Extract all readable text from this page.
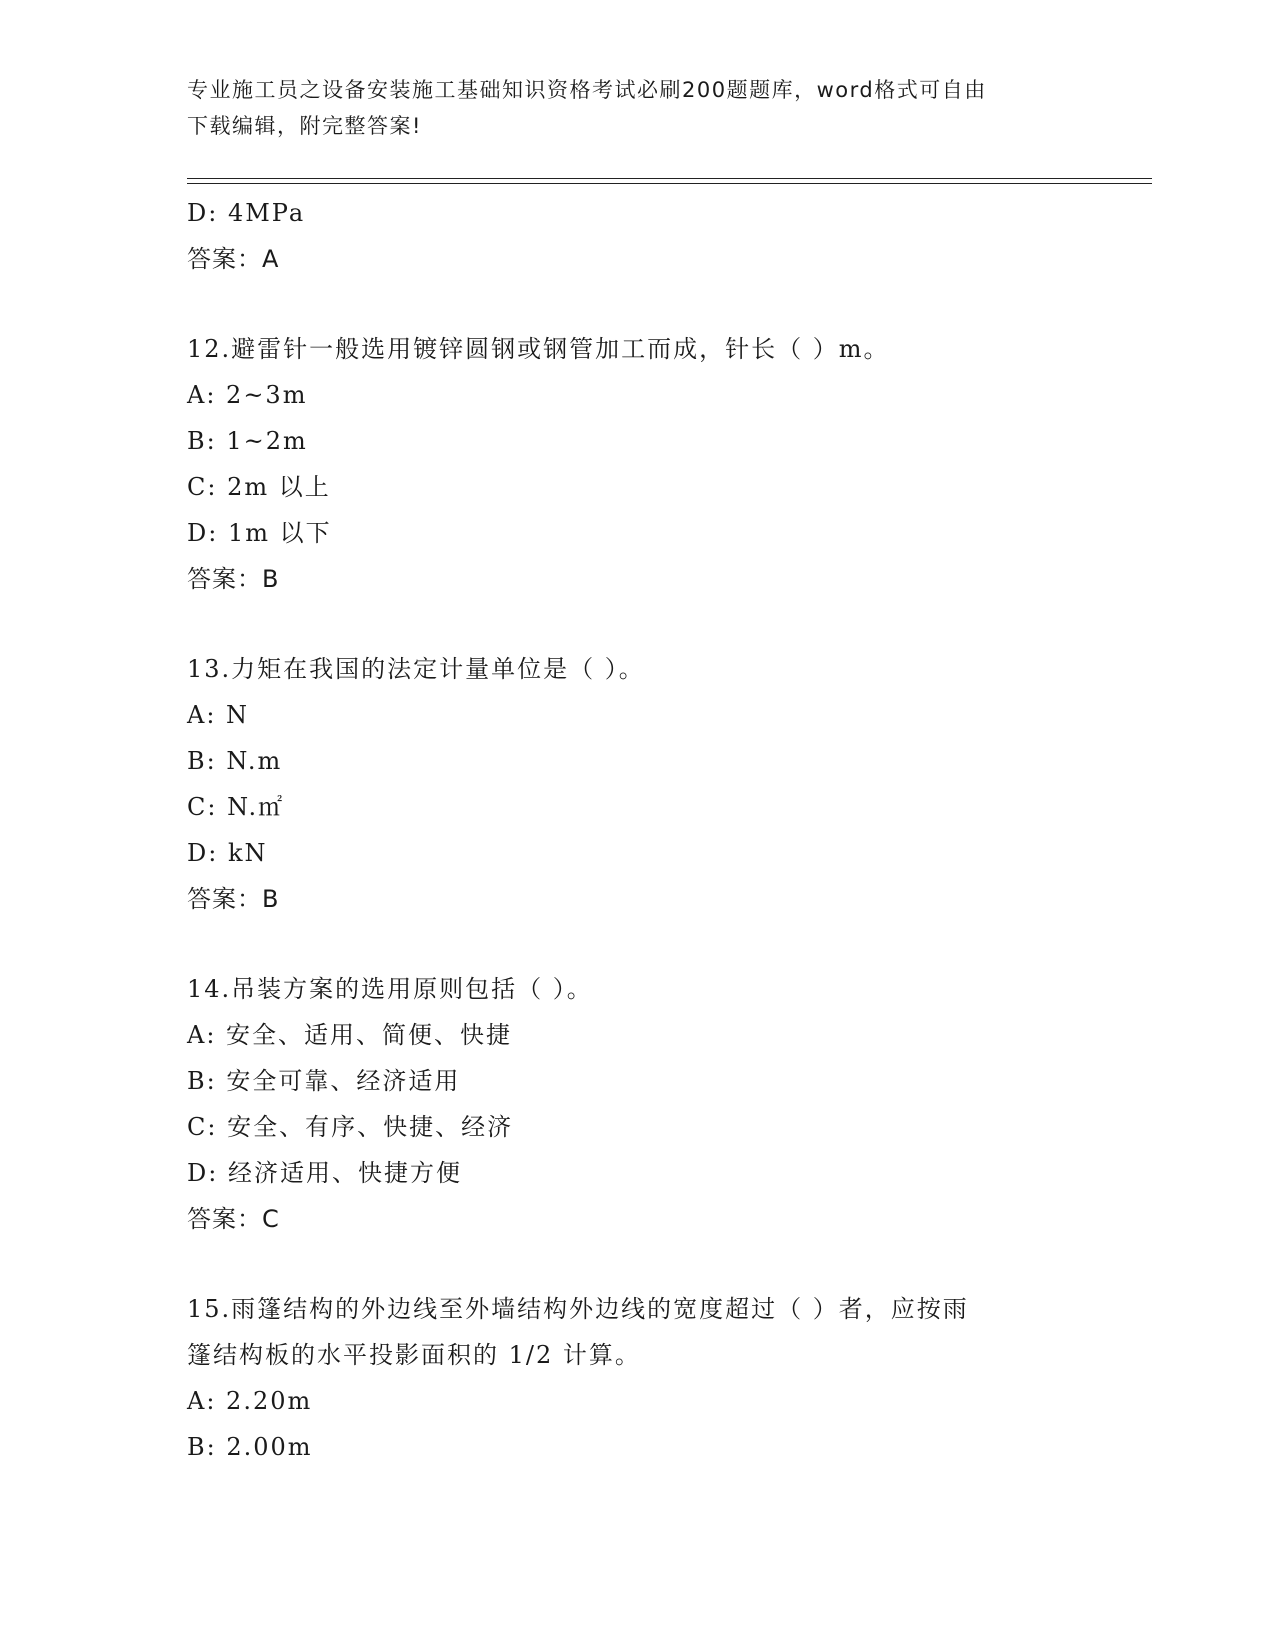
专业施工员之设备安装施工基础知识资格考试必刷200题题库，word格式可自由
下载编辑，附完整答案!
D: 4MPa
答案：A
12.避雷针一般选用镀锌圆钢或钢管加工而成，针长（ ）m。
A: 2~3m
B: 1~2m
C: 2m 以上
D: 1m 以下
答案：B
13.力矩在我国的法定计量单位是（ ）。
A: N
B: N.m
C: N.㎡
D: kN
答案：B
14.吊装方案的选用原则包括（ ）。
A: 安全、适用、简便、快捷
B: 安全可靠、经济适用
C: 安全、有序、快捷、经济
D: 经济适用、快捷方便
答案：C
15.雨篷结构的外边线至外墙结构外边线的宽度超过（ ）者，应按雨
篷结构板的水平投影面积的 1/2 计算。
A: 2.20m
B: 2.00m
